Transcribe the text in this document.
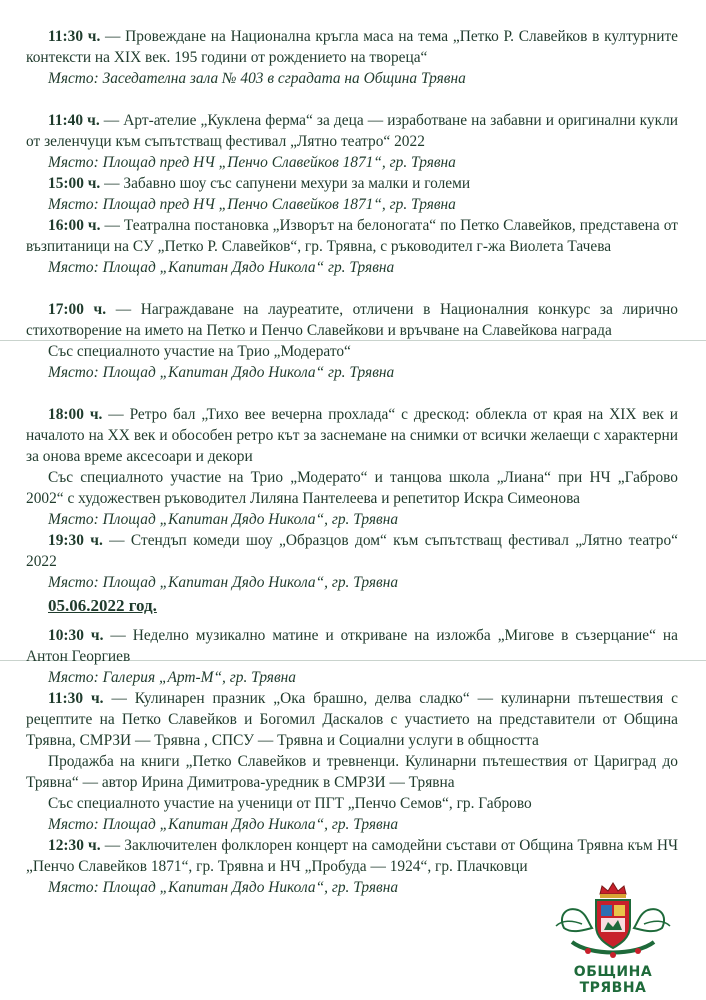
11:30 ч. — Провеждане на Национална кръгла маса на тема „Петко Р. Славейков в културните контексти на XIX век. 195 години от рождението на твореца“

Място: Заседателна зала № 403 в сградата на Община Трявна

11:40 ч. — Арт-ателие „Куклена ферма“ за деца — изработване на забавни и оригинални кукли от зеленчуци към съпътстващ фестивал „Лятно театро“ 2022

Място: Площад пред НЧ „Пенчо Славейков 1871“, гр. Трявна

15:00 ч. — Забавно шоу със сапунени мехури за малки и големи

Място: Площад пред НЧ „Пенчо Славейков 1871“, гр. Трявна

16:00 ч. — Театрална постановка „Изворът на белоногата“ по Петко Славейков, представена от възпитаници на СУ „Петко Р. Славейков“, гр. Трявна, с ръководител г-жа Виолета Тачева

Място: Площад „Капитан Дядо Никола“ гр. Трявна

17:00 ч. — Награждаване на лауреатите, отличени в Националния конкурс за лирично стихотворение на името на Петко и Пенчо Славейкови и връчване на Славейкова награда

Със специалното участие на Трио „Модерато“

Място: Площад „Капитан Дядо Никола“ гр. Трявна

18:00 ч. — Ретро бал „Тихо вее вечерна прохлада“ с дрескод: облекла от края на XIX век и началото на XX век и обособен ретро кът за заснемане на снимки от всички желаещи с характерни за онова време аксесоари и декори

Със специалното участие на Трио „Модерато“ и танцова школа „Лиана“ при НЧ „Габрово 2002“ с художествен ръководител Лиляна Пантелеева и репетитор Искра Симеонова

Място: Площад „Капитан Дядо Никола“, гр. Трявна

19:30 ч. — Стендъп комеди шоу „Образцов дом“ към съпътстващ фестивал „Лятно театро“ 2022

Място: Площад „Капитан Дядо Никола“, гр. Трявна

05.06.2022 год.

10:30 ч. — Неделно музикално матине и откриване на изложба „Мигове в съзерцание“ на Антон Георгиев

Място: Галерия „Арт-М“, гр. Трявна

11:30 ч. — Кулинарен празник „Ока брашно, делва сладко“ — кулинарни пътешествия с рецептите на Петко Славейков и Богомил Даскалов с участието на представители от Община Трявна, СМРЗИ — Трявна , СПСУ — Трявна и Социални услуги в общността

Продажба на книги „Петко Славейков и тревненци. Кулинарни пътешествия от Цариград до Трявна“ — автор Ирина Димитрова-уредник в СМРЗИ — Трявна

Със специалното участие на ученици от ПГТ „Пенчо Семов“, гр. Габрово

Място: Площад „Капитан Дядо Никола“, гр. Трявна

12:30 ч. — Заключителен фолклорен концерт на самодейни състави от Община Трявна към НЧ „Пенчо Славейков 1871“, гр. Трявна и НЧ „Пробуда — 1924“, гр. Плачковци

Място: Площад „Капитан Дядо Никола“, гр. Трявна

ОБЩИНА ТРЯВНА
